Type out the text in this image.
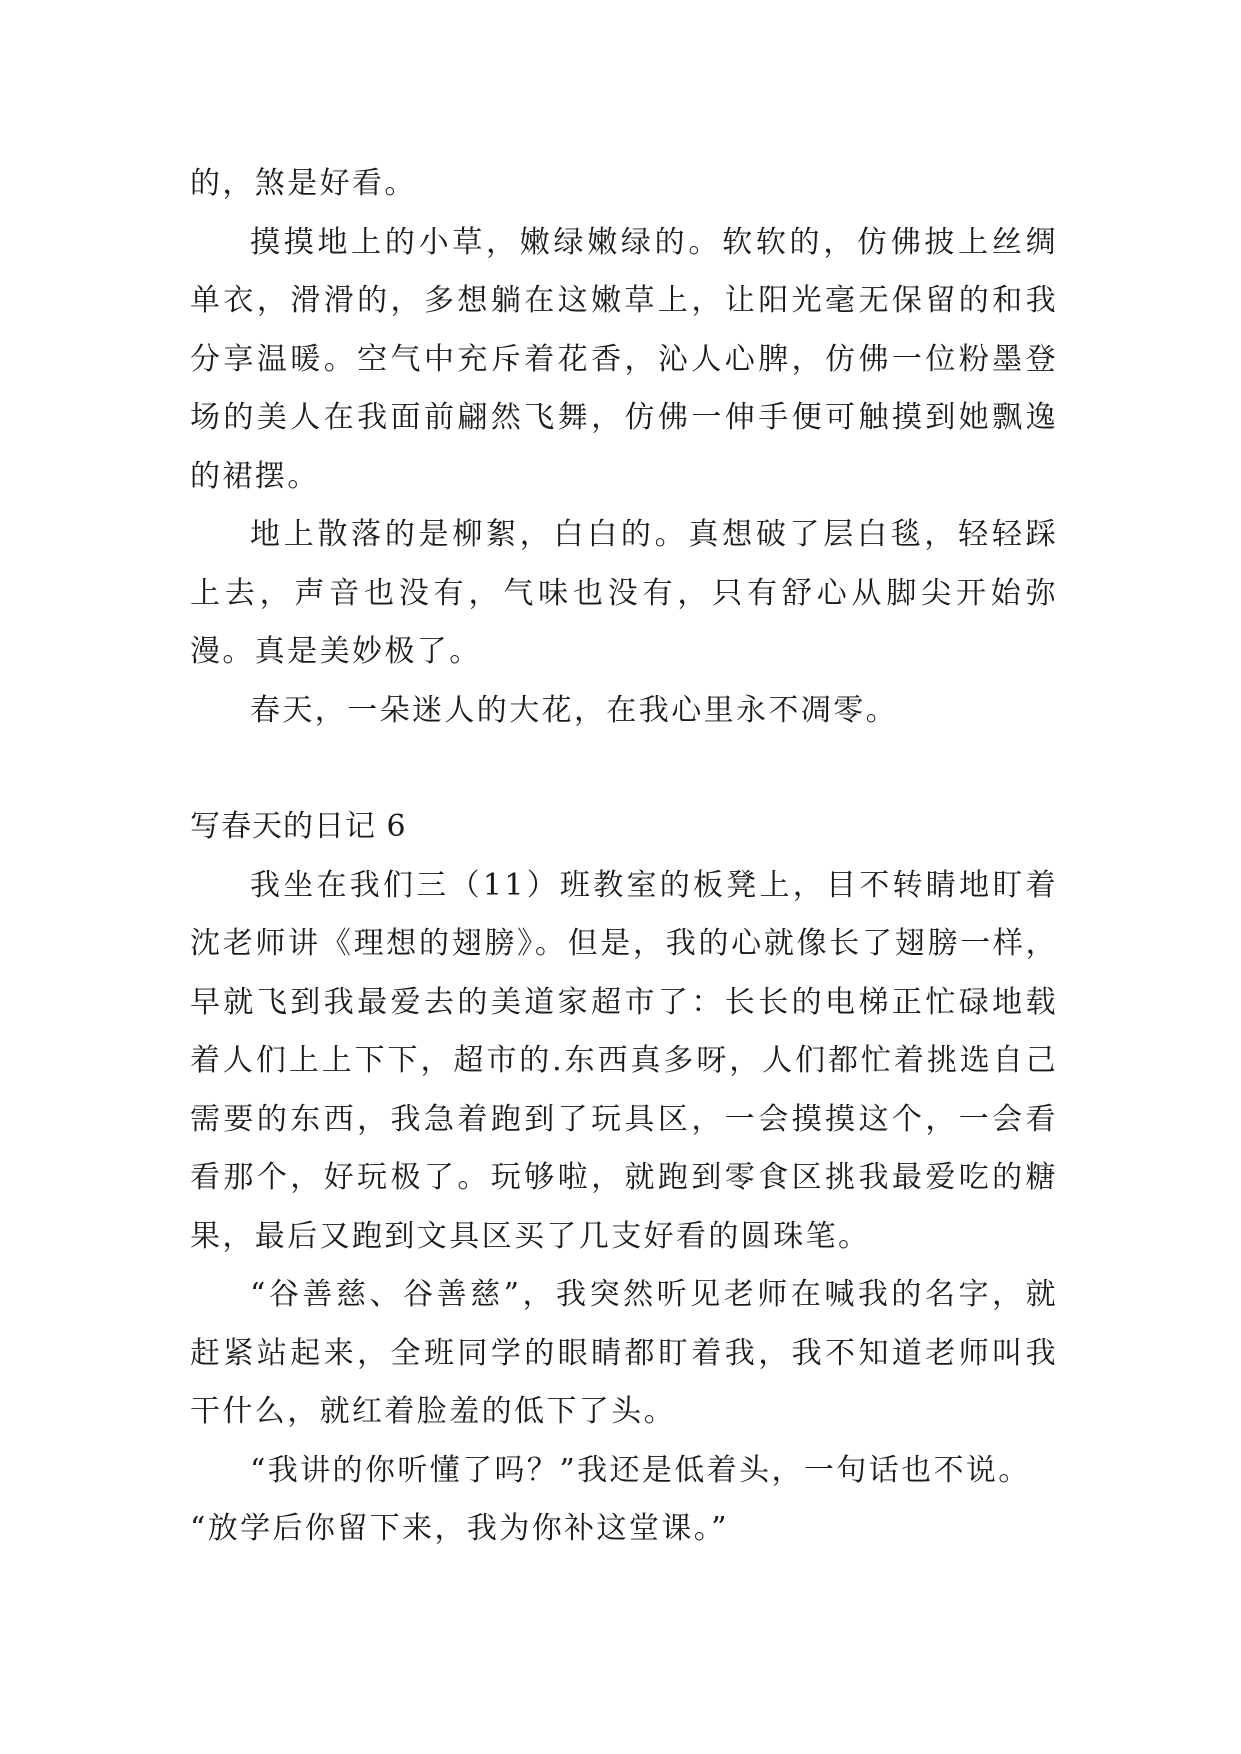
的，煞是好看。

摸摸地上的小草，嫩绿嫩绿的。软软的，仿佛披上丝绸单衣，滑滑的，多想躺在这嫩草上，让阳光毫无保留的和我分享温暖。空气中充斥着花香，沁人心脾，仿佛一位粉墨登场的美人在我面前翩然飞舞，仿佛一伸手便可触摸到她飘逸的裙摆。

地上散落的是柳絮，白白的。真想破了层白毯，轻轻踩上去，声音也没有，气味也没有，只有舒心从脚尖开始弥漫。真是美妙极了。

春天，一朵迷人的大花，在我心里永不凋零。

写春天的日记 6

我坐在我们三（11）班教室的板凳上，目不转睛地盯着沈老师讲《理想的翅膀》。但是，我的心就像长了翅膀一样，早就飞到我最爱去的美道家超市了：长长的电梯正忙碌地载着人们上上下下，超市的.东西真多呀，人们都忙着挑选自己需要的东西，我急着跑到了玩具区，一会摸摸这个，一会看看那个，好玩极了。玩够啦，就跑到零食区挑我最爱吃的糖果，最后又跑到文具区买了几支好看的圆珠笔。

“谷善慈、谷善慈”，我突然听见老师在喊我的名字，就赶紧站起来，全班同学的眼睛都盯着我，我不知道老师叫我干什么，就红着脸羞的低下了头。

“我讲的你听懂了吗？”我还是低着头，一句话也不说。

“放学后你留下来，我为你补这堂课。”
